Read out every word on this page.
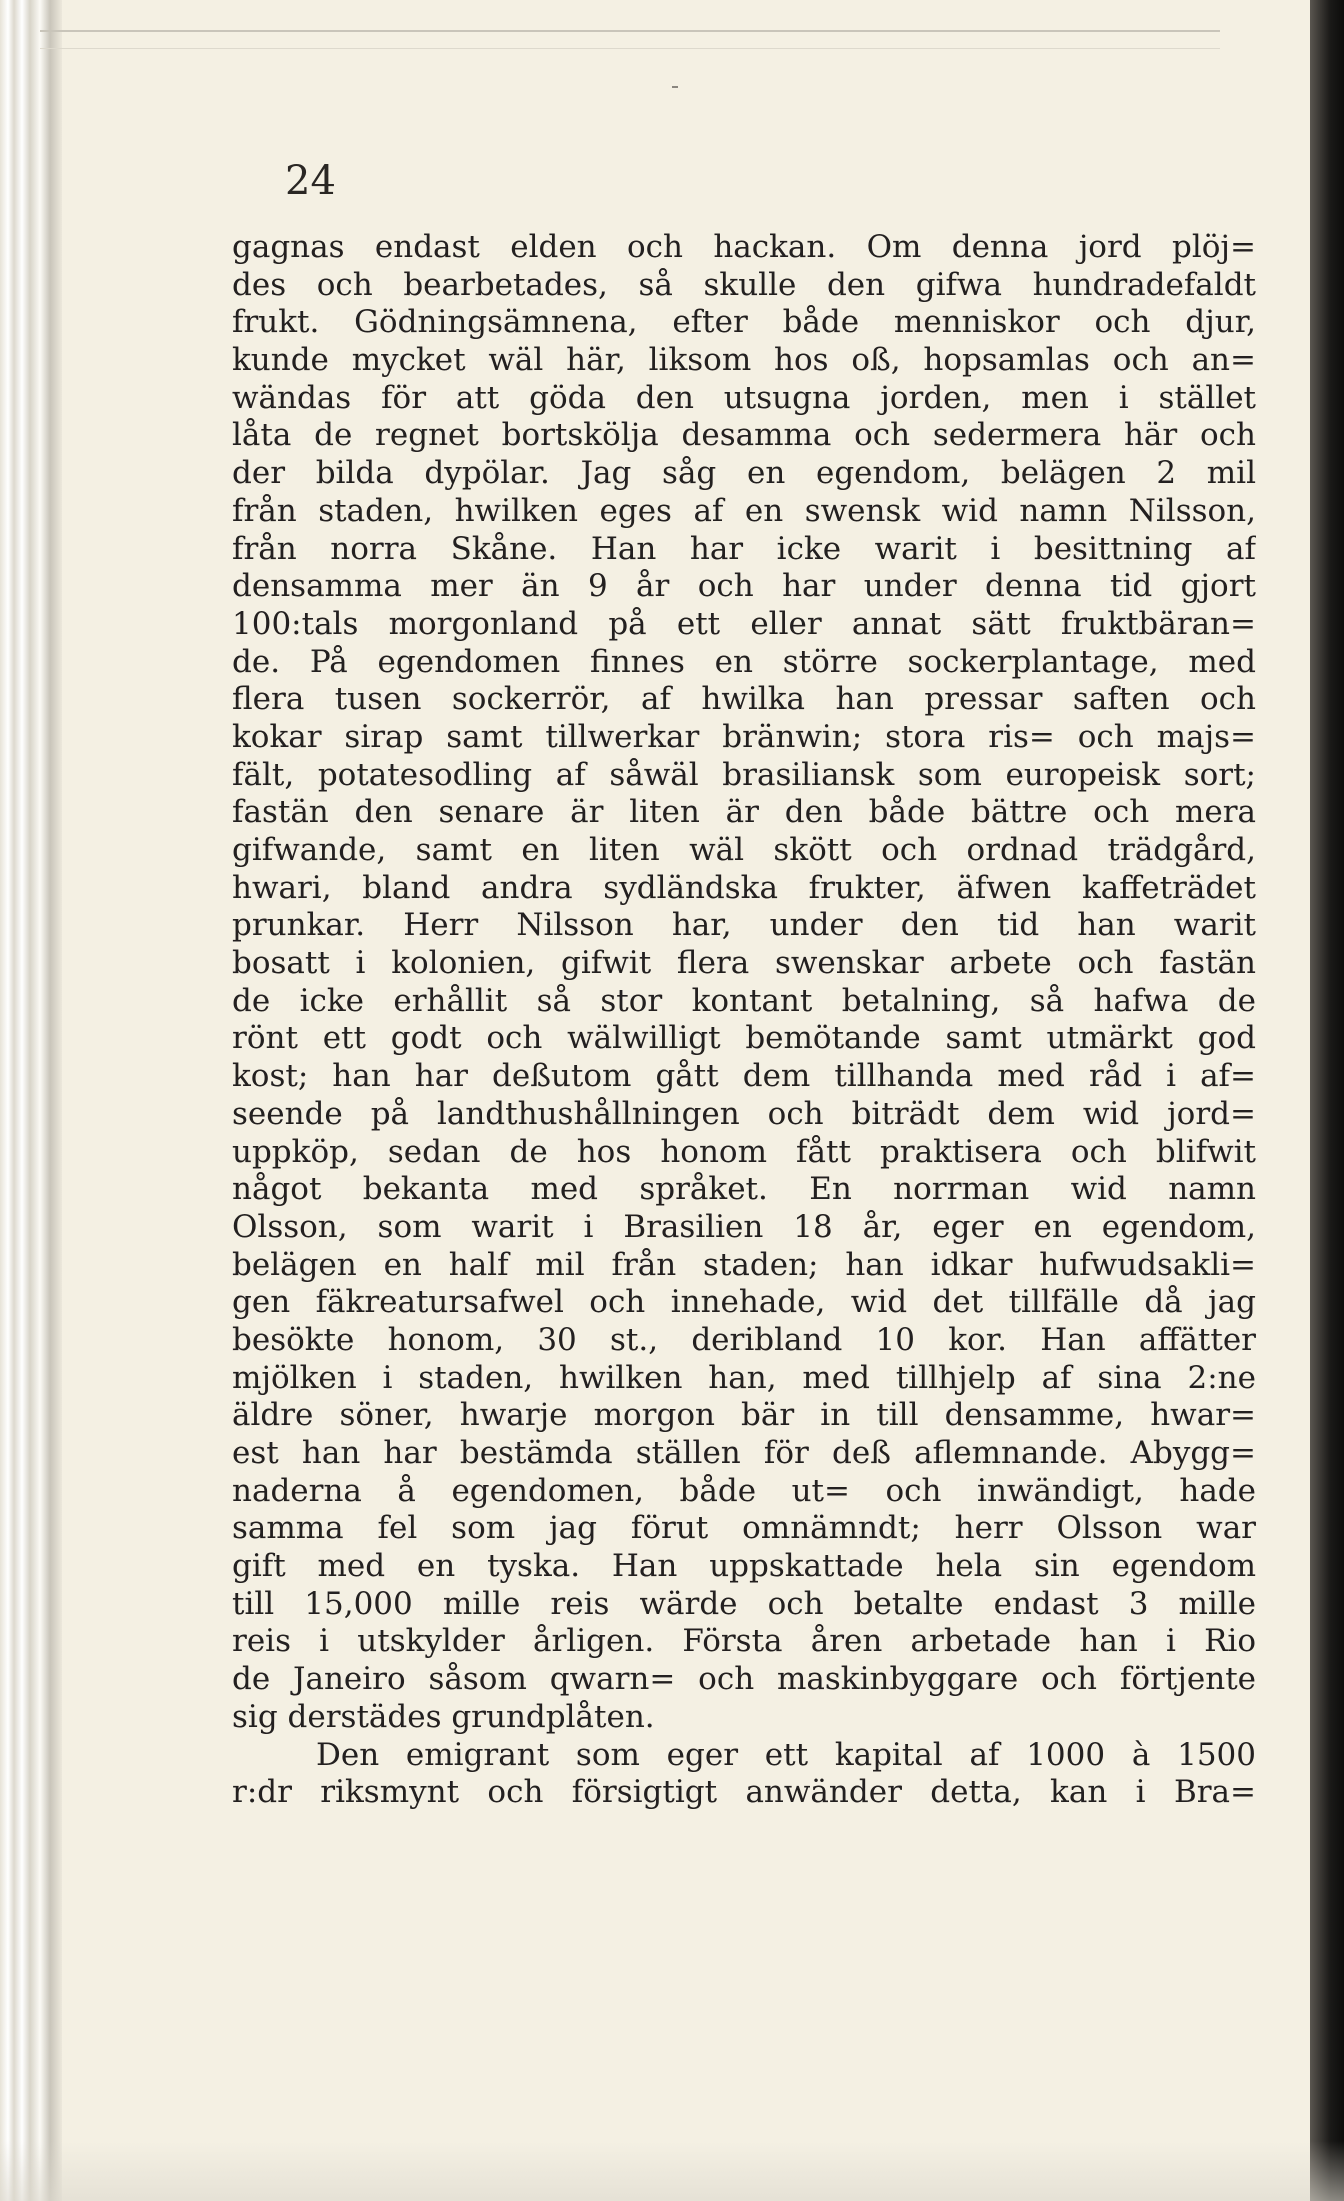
24
gagnas endast elden och hackan. Om denna jord plöj=
des och bearbetades, så skulle den gifwa hundradefaldt
frukt. Gödningsämnena, efter både menniskor och djur,
kunde mycket wäl här, liksom hos oß, hopsamlas och an=
wändas för att göda den utsugna jorden, men i stället
låta de regnet bortskölja desamma och sedermera här och
der bilda dypölar. Jag såg en egendom, belägen 2 mil
från staden, hwilken eges af en swensk wid namn Nilsson,
från norra Skåne. Han har icke warit i besittning af
densamma mer än 9 år och har under denna tid gjort
100:tals morgonland på ett eller annat sätt fruktbäran=
de. På egendomen finnes en större sockerplantage, med
flera tusen sockerrör, af hwilka han pressar saften och
kokar sirap samt tillwerkar bränwin; stora ris= och majs=
fält, potatesodling af såwäl brasiliansk som europeisk sort;
fastän den senare är liten är den både bättre och mera
gifwande, samt en liten wäl skött och ordnad trädgård,
hwari, bland andra sydländska frukter, äfwen kaffeträdet
prunkar. Herr Nilsson har, under den tid han warit
bosatt i kolonien, gifwit flera swenskar arbete och fastän
de icke erhållit så stor kontant betalning, så hafwa de
rönt ett godt och wälwilligt bemötande samt utmärkt god
kost; han har deßutom gått dem tillhanda med råd i af=
seende på landthushållningen och biträdt dem wid jord=
uppköp, sedan de hos honom fått praktisera och blifwit
något bekanta med språket. En norrman wid namn
Olsson, som warit i Brasilien 18 år, eger en egendom,
belägen en half mil från staden; han idkar hufwudsakli=
gen fäkreatursafwel och innehade, wid det tillfälle då jag
besökte honom, 30 st., deribland 10 kor. Han affätter
mjölken i staden, hwilken han, med tillhjelp af sina 2:ne
äldre söner, hwarje morgon bär in till densamme, hwar=
est han har bestämda ställen för deß aflemnande. Abygg=
naderna å egendomen, både ut= och inwändigt, hade
samma fel som jag förut omnämndt; herr Olsson war
gift med en tyska. Han uppskattade hela sin egendom
till 15,000 mille reis wärde och betalte endast 3 mille
reis i utskylder årligen. Första åren arbetade han i Rio
de Janeiro såsom qwarn= och maskinbyggare och förtjente
sig derstädes grundplåten.
Den emigrant som eger ett kapital af 1000 à 1500
r:dr riksmynt och försigtigt anwänder detta, kan i Bra=
